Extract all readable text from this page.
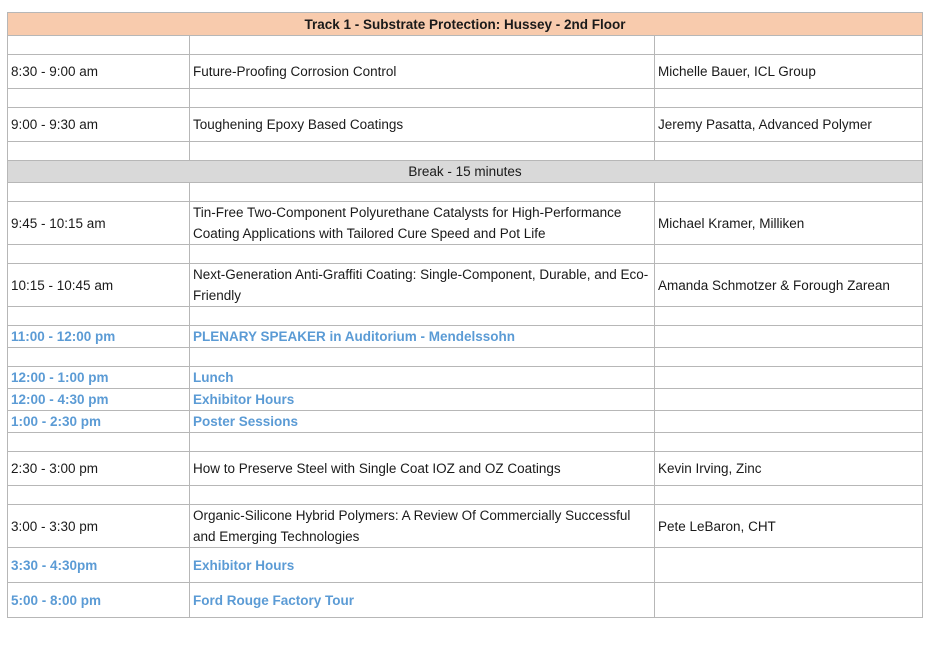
Track 1 - Substrate Protection: Hussey - 2nd Floor		

8:30 - 9:00 am	Future-Proofing Corrosion Control	Michelle Bauer, ICL Group

9:00 - 9:30 am	Toughening Epoxy Based Coatings	Jeremy Pasatta, Advanced Polymer

Break - 15 minutes		

9:45 - 10:15 am	Tin-Free Two-Component Polyurethane Catalysts for High-Performance Coating Applications with Tailored Cure Speed and Pot Life	Michael Kramer, Milliken

10:15 - 10:45 am	Next-Generation Anti-Graffiti Coating: Single-Component, Durable, and Eco-Friendly	Amanda Schmotzer & Forough Zarean

11:00 - 12:00 pm	PLENARY SPEAKER in Auditorium - Mendelssohn	

12:00 - 1:00 pm	Lunch	
12:00 - 4:30 pm	Exhibitor Hours	
1:00 - 2:30 pm	Poster Sessions	

2:30 - 3:00 pm	How to Preserve Steel with Single Coat IOZ and OZ Coatings	Kevin Irving, Zinc

3:00 - 3:30 pm	Organic-Silicone Hybrid Polymers: A Review Of Commercially Successful and Emerging Technologies	Pete LeBaron, CHT
3:30 - 4:30pm	Exhibitor Hours	
5:00 - 8:00 pm	Ford Rouge Factory Tour	
